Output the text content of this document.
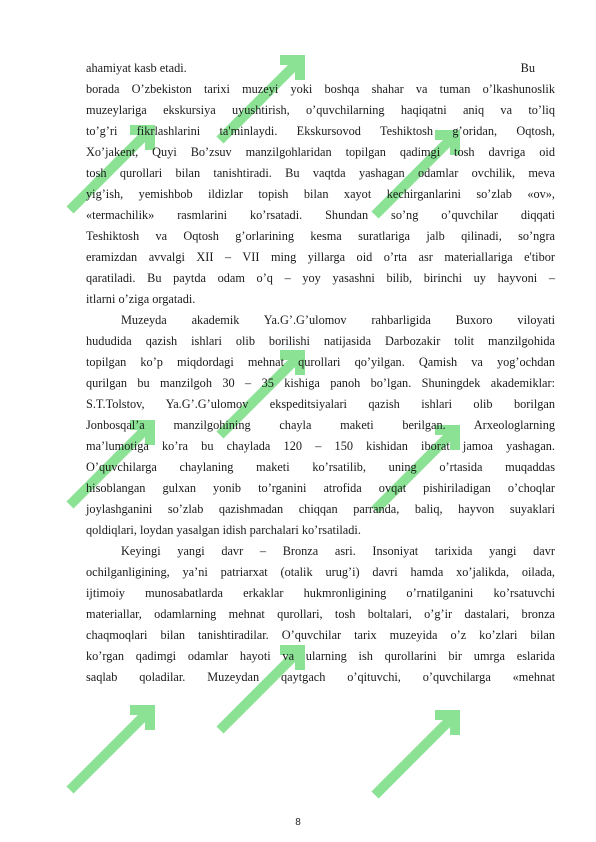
ahamiyat kasb etadi.	Bu
borada O’zbekiston tarixi muzeyi yoki boshqa shahar va tuman o’lkashunoslik
muzeylariga ekskursiya uyushtirish, o’quvchilarning haqiqatni aniq va to’liq
to’g’ri fikrlashlarini ta'minlaydi. Ekskursovod Teshiktosh g’oridan, Oqtosh,
Xo’jakent, Quyi Bo’zsuv manzilgohlaridan topilgan qadimgi tosh davriga oid
tosh qurollari bilan tanishtiradi. Bu vaqtda yashagan odamlar ovchilik, meva
yig’ish, yemishbob ildizlar topish bilan xayot kechirganlarini so’zlab «ov»,
«termachilik» rasmlarini ko’rsatadi. Shundan so’ng o’quvchilar diqqati
Teshiktosh va Oqtosh g’orlarining kesma suratlariga jalb qilinadi, so’ngra
eramizdan avvalgi XII – VII ming yillarga oid o’rta asr materiallariga e'tibor
qaratiladi. Bu paytda odam o’q – yoy yasashni bilib, birinchi uy hayvoni –
itlarni o’ziga orgatadi.
Muzeyda akademik Ya.G’.G’ulomov rahbarligida Buxoro viloyati
hududida qazish ishlari olib borilishi natijasida Darbozakir tolit manzilgohida
topilgan ko’p miqdordagi mehnat qurollari qo’yilgan. Qamish va yog’ochdan
qurilgan bu manzilgoh 30 – 35 kishiga panoh bo’lgan. Shuningdek akademiklar:
S.T.Tolstov, Ya.G’.G’ulomov ekspeditsiyalari qazish ishlari olib borilgan
Jonbosqal’a manzilgohining chayla maketi berilgan. Arxeologlarning
ma’lumotiga ko’ra bu chaylada 120 – 150 kishidan iborat jamoa yashagan.
O’quvchilarga chaylaning maketi ko’rsatilib, uning o’rtasida muqaddas
hisoblangan gulxan yonib to’rganini atrofida ovqat pishiriladigan o’choqlar
joylashganini so’zlab qazishmadan chiqqan parranda, baliq, hayvon suyaklari
qoldiqlari, loydan yasalgan idish parchalari ko’rsatiladi.
Keyingi yangi davr – Bronza asri. Insoniyat tarixida yangi davr
ochilganligining, ya’ni patriarxat (otalik urug’i) davri hamda xo’jalikda, oilada,
ijtimoiy munosabatlarda erkaklar hukmronligining o’rnatilganini ko’rsatuvchi
materiallar, odamlarning mehnat qurollari, tosh boltalari, o’g’ir dastalari, bronza
chaqmoqlari bilan tanishtiradilar. O’quvchilar tarix muzeyida o’z ko’zlari bilan
ko’rgan qadimgi odamlar hayoti va ularning ish qurollarini bir umrga eslarida
saqlab qoladilar. Muzeydan qaytgach o’qituvchi, o’quvchilarga «mehnat
8
